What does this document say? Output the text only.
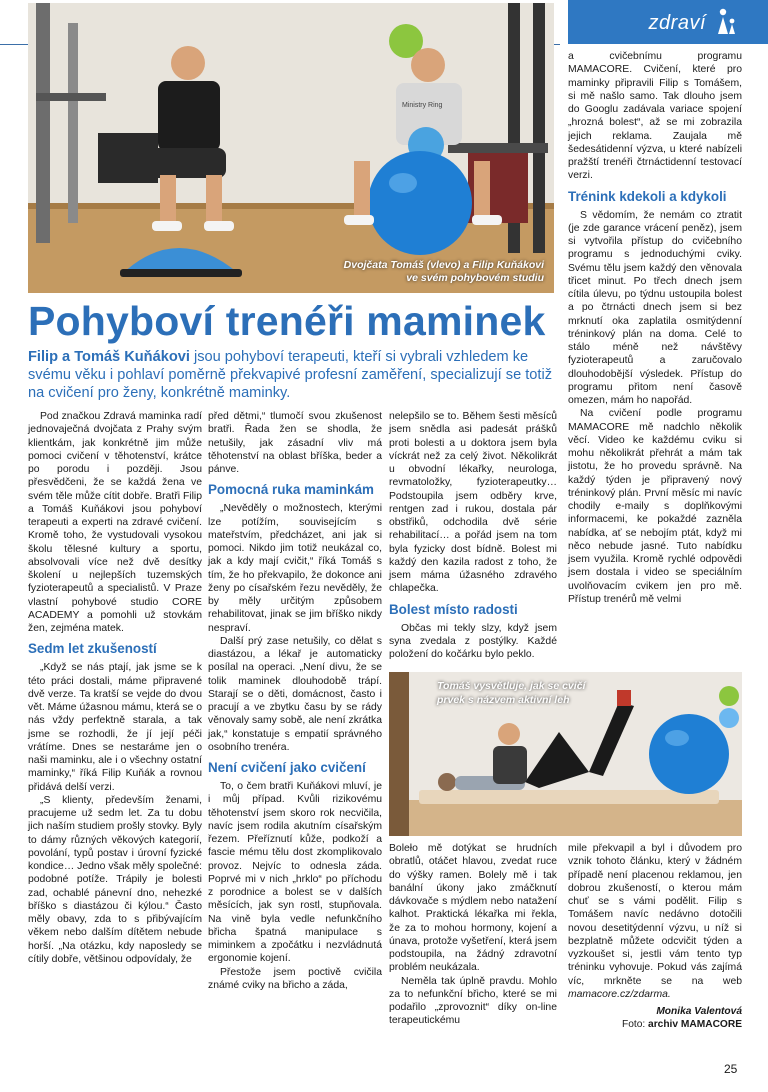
zdraví
Ministry Ring
Dvojčata Tomáš (vlevo) a Filip Kuňákovi
ve svém pohybovém studiu
Pohyboví trenéři maminek

Filip a Tomáš Kuňákovi jsou pohyboví terapeuti, kteří si vybrali vzhledem ke svému věku i pohlaví poměrně překvapivé profesní zaměření, specializují se totiž na cvičení pro ženy, konkrétně maminky.

Pod značkou Zdravá maminka radí jednovaječná dvojčata z Prahy svým klientkám, jak konkrétně jim může pomoci cvičení v těhotenství, krátce po porodu i později. Jsou přesvědčeni, že se každá žena ve svém těle může cítit dobře. Bratři Filip a Tomáš Kuňákovi jsou pohyboví terapeuti a experti na zdravé cvičení. Kromě toho, že vystudovali vysokou školu tělesné kultury a sportu, absolvovali více než dvě desítky školení u nejlepších tuzemských fyzioterapeutů a specialistů. V Praze vlastní pohybové studio CORE ACADEMY a pomohli už stovkám žen, zejména matek.

Sedm let zkušeností

„Když se nás ptají, jak jsme se k této práci dostali, máme připravené dvě verze. Ta kratší se vejde do dvou vět. Máme úžasnou mámu, která se o nás vždy perfektně starala, a tak jsme se rozhodli, že jí její péči vrátíme. Dnes se nestaráme jen o naši maminku, ale i o všechny ostatní maminky,“ říká Filip Kuňák a rovnou přidává delší verzi.

„S klienty, především ženami, pracujeme už sedm let. Za tu dobu jich naším studiem prošly stovky. Byly to dámy různých věkových kategorií, povolání, typů postav i úrovní fyzické kondice… Jedno však měly společné: podobné potíže. Trápily je bolesti zad, ochablé pánevní dno, nehezké bříško s diastázou či kýlou.“ Často měly obavy, zda to s přibývajícím věkem nebo dalším dítětem nebude horší. „Na otázku, kdy naposledy se cítily dobře, většinou odpovídaly, že

před dětmi,“ tlumočí svou zkušenost bratři. Řada žen se shodla, že netušily, jak zásadní vliv má těhotenství na oblast bříška, beder a pánve.

Pomocná ruka maminkám

„Nevěděly o možnostech, kterými lze potížím, souvisejícím s mateřstvím, předcházet, ani jak si pomoci. Nikdo jim totiž neukázal co, jak a kdy mají cvičit,“ říká Tomáš s tím, že ho překvapilo, že dokonce ani ženy po císařském řezu nevěděly, že by měly určitým způsobem rehabilitovat, jinak se jim bříško nikdy nespraví.

Další prý zase netušily, co dělat s diastázou, a lékař je automaticky posílal na operaci. „Není divu, že se tolik maminek dlouhodobě trápí. Starají se o děti, domácnost, často i pracují a ve zbytku času by se rády věnovaly samy sobě, ale není zkrátka jak,“ konstatuje s empatií správného osobního trenéra.

Není cvičení jako cvičení

To, o čem bratři Kuňákovi mluví, je i můj případ. Kvůli rizikovému těhotenství jsem skoro rok necvičila, navíc jsem rodila akutním císařským řezem. Přeříznutí kůže, podkoží a fascie mému tělu dost zkomplikovalo provoz. Nejvíc to odnesla záda. Poprvé mi v nich „hrklo“ po příchodu z porodnice a bolest se v dalších měsících, jak syn rostl, stupňovala. Na vině byla vedle nefunkčního břicha špatná manipulace s miminkem a zpočátku i nezvládnutá ergonomie kojení.

Přestože jsem poctivě cvičila známé cviky na břicho a záda,

nelepšilo se to. Během šesti měsíců jsem snědla asi padesát prášků proti bolesti a u doktora jsem byla víckrát než za celý život. Několikrát u obvodní lékařky, neurologa, revmatoložky, fyzioterapeutky… Podstoupila jsem odběry krve, rentgen zad i rukou, dostala pár obstřiků, odchodila dvě série rehabilitací… a pořád jsem na tom byla fyzicky dost bídně. Bolest mi každý den kazila radost z toho, že jsem máma úžasného zdravého chlapečka.

Bolest místo radosti

Občas mi tekly slzy, když jsem syna zvedala z postýlky. Každé položení do kočárku bylo peklo.

Tomáš vysvětluje, jak se cvičí
prvek s názvem aktivní leh

Boleło mě dotýkat se hrudních obratlů, otáčet hlavou, zvedat ruce do výšky ramen. Bolely mě i tak banální úkony jako zmáčknutí dávkovače s mýdlem nebo natažení kalhot. Praktická lékařka mi řekla, že za to mohou hormony, kojení a únava, protože vyšetření, která jsem podstoupila, na žádný zdravotní problém neukázala.

Neměla tak úplně pravdu. Mohlo za to nefunkční břicho, které se mi podařilo „zprovoznit“ díky on-line terapeutickému

a cvičebnímu programu MAMACORE. Cvičení, které pro maminky připravili Filip s Tomášem, si mě našlo samo. Tak dlouho jsem do Googlu zadávala variace spojení „hrozná bolest“, až se mi zobrazila jejich reklama. Zaujala mě šedesátidenní výzva, u které nabízeli pražští trenéři čtrnáctidenní testovací verzi.

Trénink kdekoli a kdykoli

S vědomím, že nemám co ztratit (je zde garance vrácení peněz), jsem si vytvořila přístup do cvičebního programu s jednoduchými cviky. Svému tělu jsem každý den věnovala třicet minut. Po třech dnech jsem cítila úlevu, po týdnu ustoupila bolest a po čtrnácti dnech jsem si bez mrknutí oka zaplatila osmitýdenní tréninkový plán na doma. Celé to stálo méně než návštěvy fyzioterapeutů a zaručovalo dlouhodobější výsledek. Přístup do programu přitom není časově omezen, mám ho napořád.

Na cvičení podle programu MAMACORE mě nadchlo několik věcí. Video ke každému cviku si mohu několikrát přehrát a mám tak jistotu, že ho provedu správně. Na každý týden je připravený nový tréninkový plán. První měsíc mi navíc chodily e-maily s doplňkovými informacemi, ke pokaždé zazněla nabídka, ať se nebojím ptát, když mi něco nebude jasné. Tuto nabídku jsem využila. Kromě rychlé odpovědi jsem dostala i video se speciálním uvolňovacím cvikem jen pro mě. Přístup trenérů mě velmi

mile překvapil a byl i důvodem pro vznik tohoto článku, který v žádném případě není placenou reklamou, jen dobrou zkušeností, o kterou mám chuť se s vámi podělit. Filip s Tomášem navíc nedávno dotočili novou desetitýdenní výzvu, u níž si bezplatně můžete odcvičit týden a vyzkoušet si, jestli vám tento typ tréninku vyhovuje. Pokud vás zajímá víc, mrkněte se na web mamacore.cz/zdarma.

Monika Valentová
Foto: archiv MAMACORE
25
